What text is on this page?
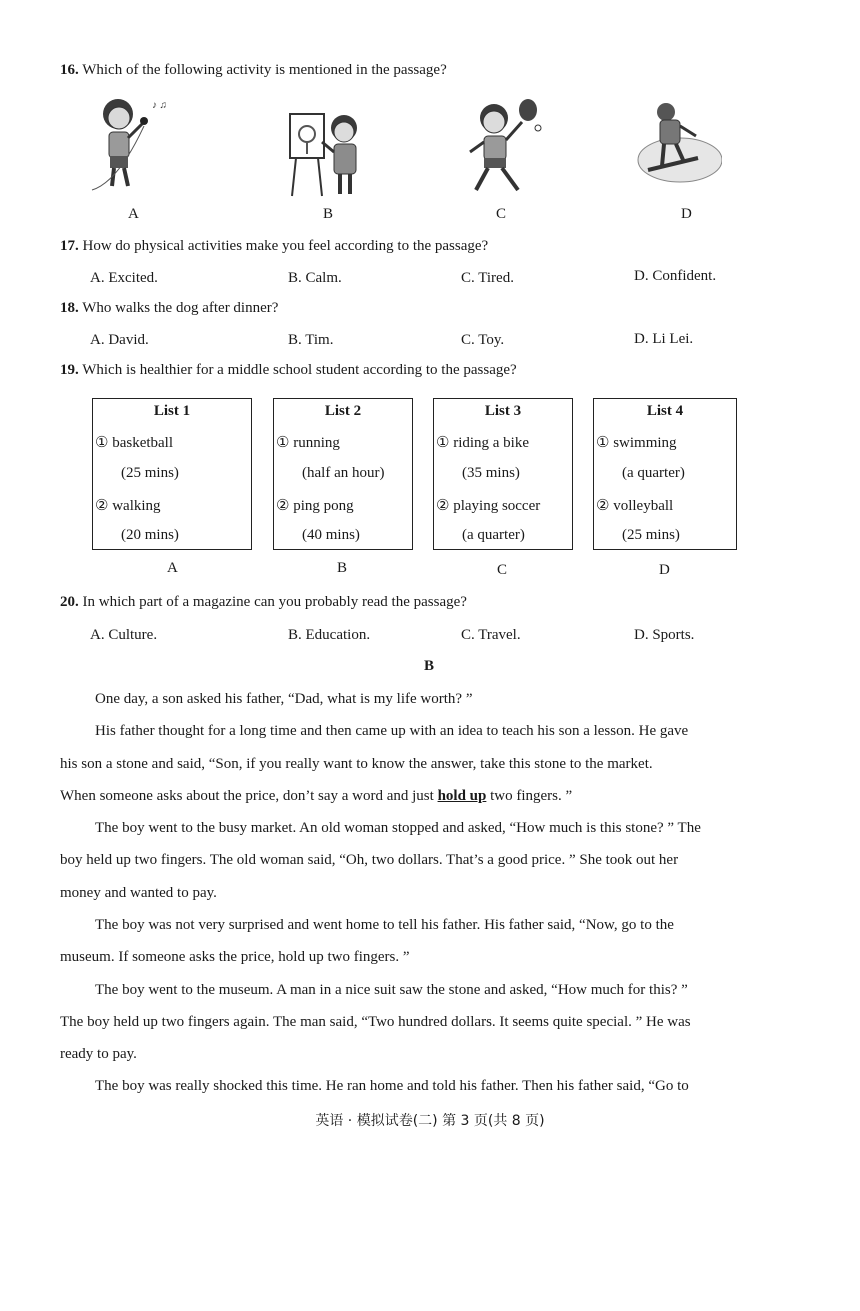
16. Which of the following activity is mentioned in the passage?
♪ ♫
A	B	C	D
17. How do physical activities make you feel according to the passage?
A. Excited.	B. Calm.	C. Tired.	D. Confident.
18. Who walks the dog after dinner?
A. David.	B. Tim.	C. Toy.	D. Li Lei.
19. Which is healthier for a middle school student according to the passage?
List 1
① basketball
(25 mins)
② walking
(20 mins)
A
List 2
① running
(half an hour)
② ping pong
(40 mins)
B
List 3
① riding a bike
(35 mins)
② playing soccer
(a quarter)
C
List 4
① swimming
(a quarter)
② volleyball
(25 mins)
D
20. In which part of a magazine can you probably read the passage?
A. Culture.	B. Education.	C. Travel.	D. Sports.
B
One day, a son asked his father, “Dad, what is my life worth? ”
His father thought for a long time and then came up with an idea to teach his son a lesson. He gave
his son a stone and said, “Son, if you really want to know the answer, take this stone to the market.
When someone asks about the price, don’t say a word and just hold up two fingers. ”
The boy went to the busy market. An old woman stopped and asked, “How much is this stone? ” The
boy held up two fingers. The old woman said, “Oh, two dollars. That’s a good price. ” She took out her
money and wanted to pay.
The boy was not very surprised and went home to tell his father. His father said, “Now, go to the
museum. If someone asks the price, hold up two fingers. ”
The boy went to the museum. A man in a nice suit saw the stone and asked, “How much for this? ”
The boy held up two fingers again. The man said, “Two hundred dollars. It seems quite special. ” He was
ready to pay.
The boy was really shocked this time. He ran home and told his father. Then his father said, “Go to
英语 · 模拟试卷(二) 第 3 页(共 8 页)
